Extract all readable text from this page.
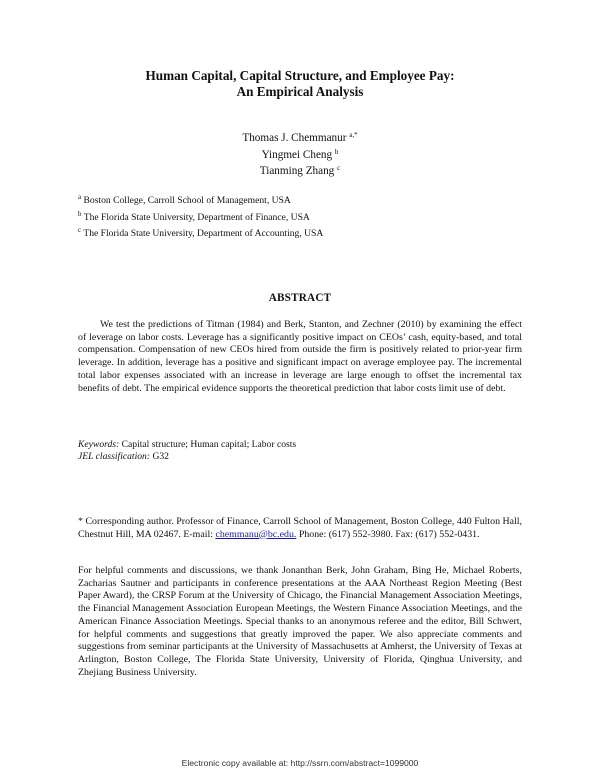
Human Capital, Capital Structure, and Employee Pay:
An Empirical Analysis
Thomas J. Chemmanur $^{a,*}$
Yingmei Cheng $^b$
Tianming Zhang $^c$
$^a$ Boston College, Carroll School of Management, USA
$^b$ The Florida State University, Department of Finance, USA
$^c$ The Florida State University, Department of Accounting, USA
ABSTRACT
We test the predictions of Titman (1984) and Berk, Stanton, and Zechner (2010) by examining the effect of leverage on labor costs. Leverage has a significantly positive impact on CEOs’ cash, equity-based, and total compensation. Compensation of new CEOs hired from outside the firm is positively related to prior-year firm leverage. In addition, leverage has a positive and significant impact on average employee pay. The incremental total labor expenses associated with an increase in leverage are large enough to offset the incremental tax benefits of debt. The empirical evidence supports the theoretical prediction that labor costs limit use of debt.
Keywords: Capital structure; Human capital; Labor costs
JEL classification: G32
* Corresponding author. Professor of Finance, Carroll School of Management, Boston College, 440 Fulton Hall, Chestnut Hill, MA 02467. E-mail: chemmanu@bc.edu. Phone: (617) 552-3980. Fax: (617) 552-0431.
For helpful comments and discussions, we thank Jonanthan Berk, John Graham, Bing He, Michael Roberts, Zacharias Sautner and participants in conference presentations at the AAA Northeast Region Meeting (Best Paper Award), the CRSP Forum at the University of Chicago, the Financial Management Association Meetings, the Financial Management Association European Meetings, the Western Finance Association Meetings, and the American Finance Association Meetings. Special thanks to an anonymous referee and the editor, Bill Schwert, for helpful comments and suggestions that greatly improved the paper. We also appreciate comments and suggestions from seminar participants at the University of Massachusetts at Amherst, the University of Texas at Arlington, Boston College, The Florida State University, University of Florida, Qinghua University, and Zhejiang Business University.
Electronic copy available at: http://ssrn.com/abstract=1099000
